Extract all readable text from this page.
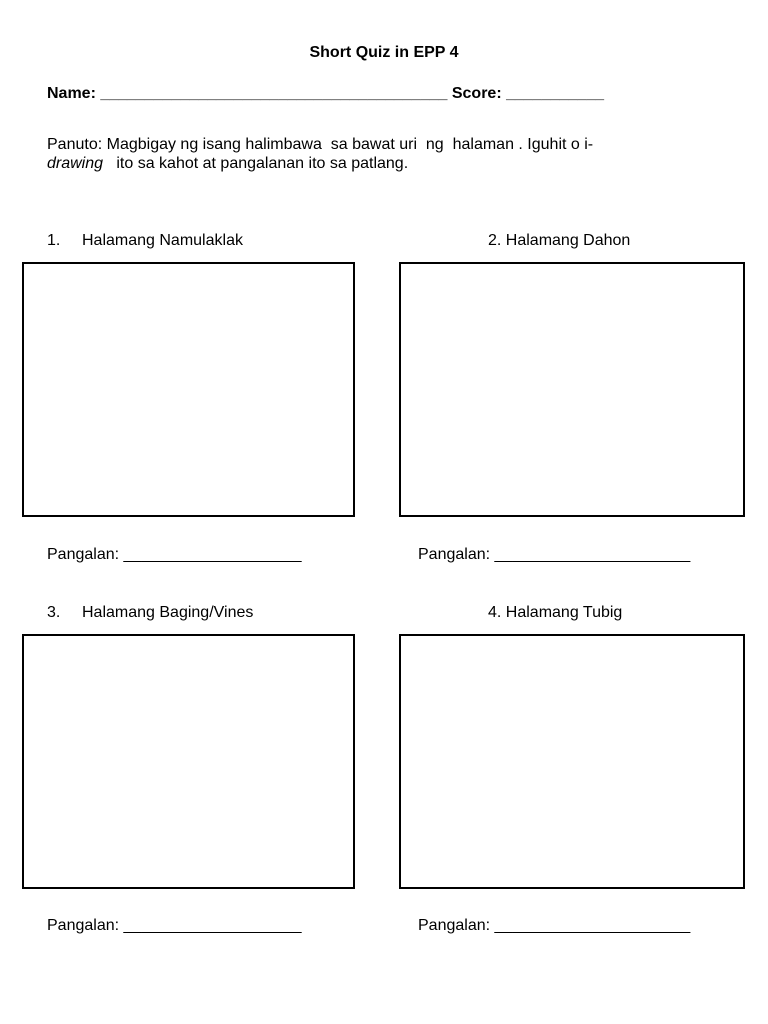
Short Quiz in EPP 4
Name: _______________________________________ Score: ___________
Panuto: Magbigay ng isang halimbawa  sa bawat uri  ng  halaman . Iguhit o i-
drawing   ito sa kahot at pangalanan ito sa patlang.
1. Halamang Namulaklak
Pangalan: ____________________
2. Halamang Dahon
Pangalan: ______________________
3. Halamang Baging/Vines
Pangalan: ____________________
4. Halamang Tubig
Pangalan: ______________________
